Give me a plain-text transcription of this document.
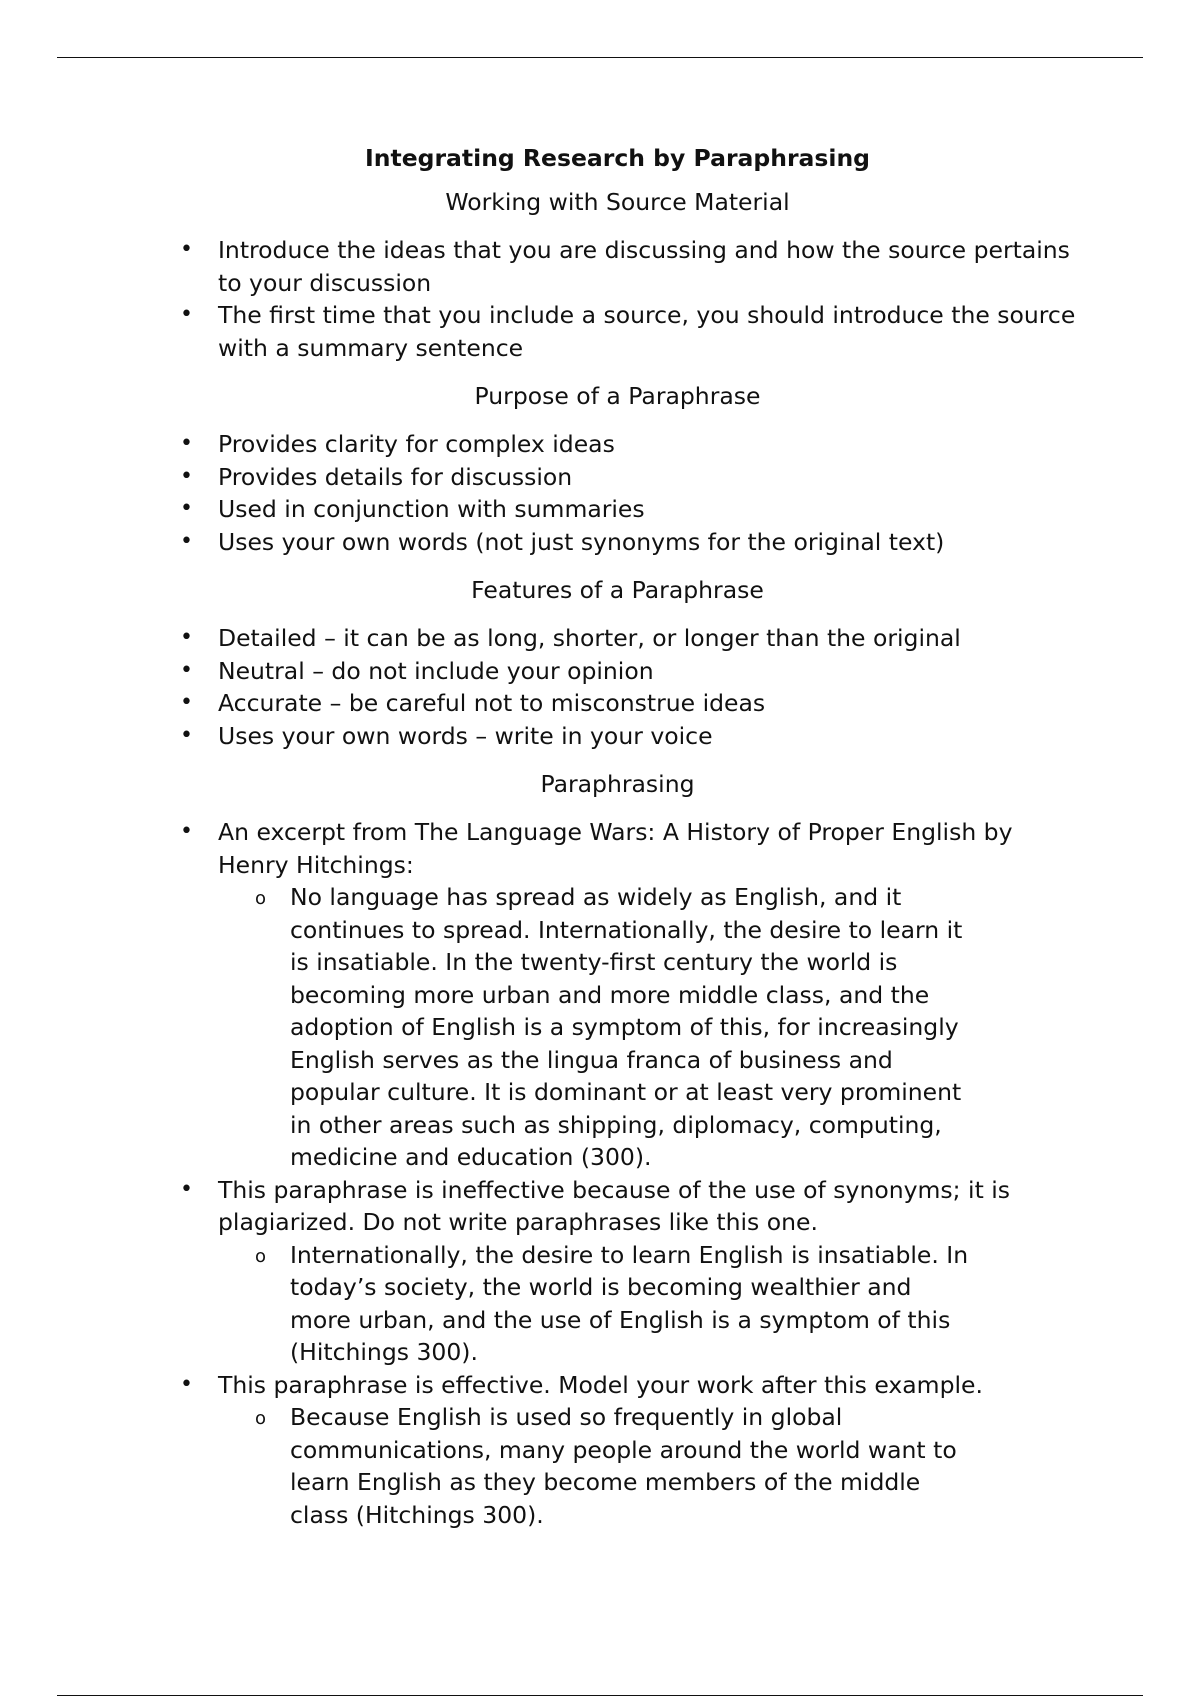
Integrating Research by Paraphrasing
Working with Source Material
• Introduce the ideas that you are discussing and how the source pertains to your discussion
• The first time that you include a source, you should introduce the source with a summary sentence
Purpose of a Paraphrase
• Provides clarity for complex ideas
• Provides details for discussion
• Used in conjunction with summaries
• Uses your own words (not just synonyms for the original text)
Features of a Paraphrase
• Detailed – it can be as long, shorter, or longer than the original
• Neutral – do not include your opinion
• Accurate – be careful not to misconstrue ideas
• Uses your own words – write in your voice
Paraphrasing
• An excerpt from The Language Wars: A History of Proper English by Henry Hitchings:
o No language has spread as widely as English, and it continues to spread. Internationally, the desire to learn it is insatiable. In the twenty-first century the world is becoming more urban and more middle class, and the adoption of English is a symptom of this, for increasingly English serves as the lingua franca of business and popular culture. It is dominant or at least very prominent in other areas such as shipping, diplomacy, computing, medicine and education (300).
• This paraphrase is ineffective because of the use of synonyms; it is plagiarized. Do not write paraphrases like this one.
o Internationally, the desire to learn English is insatiable. In today’s society, the world is becoming wealthier and more urban, and the use of English is a symptom of this (Hitchings 300).
• This paraphrase is effective. Model your work after this example.
o Because English is used so frequently in global communications, many people around the world want to learn English as they become members of the middle class (Hitchings 300).
